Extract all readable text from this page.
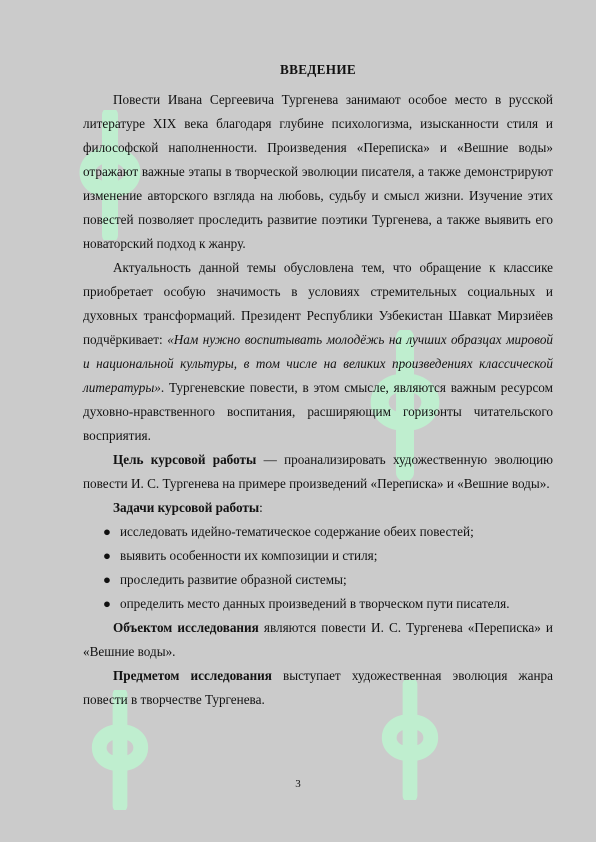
ВВЕДЕНИЕ

Повести Ивана Сергеевича Тургенева занимают особое место в русской литературе XIX века благодаря глубине психологизма, изысканности стиля и философской наполненности. Произведения «Переписка» и «Вешние воды» отражают важные этапы в творческой эволюции писателя, а также демонстрируют изменение авторского взгляда на любовь, судьбу и смысл жизни. Изучение этих повестей позволяет проследить развитие поэтики Тургенева, а также выявить его новаторский подход к жанру.

Актуальность данной темы обусловлена тем, что обращение к классике приобретает особую значимость в условиях стремительных социальных и духовных трансформаций. Президент Республики Узбекистан Шавкат Мирзиёев подчёркивает: «Нам нужно воспитывать молодёжь на лучших образцах мировой и национальной культуры, в том числе на великих произведениях классической литературы». Тургеневские повести, в этом смысле, являются важным ресурсом духовно-нравственного воспитания, расширяющим горизонты читательского восприятия.

Цель курсовой работы — проанализировать художественную эволюцию повести И. С. Тургенева на примере произведений «Переписка» и «Вешние воды».

Задачи курсовой работы:

● исследовать идейно-тематическое содержание обеих повестей;
● выявить особенности их композиции и стиля;
● проследить развитие образной системы;
● определить место данных произведений в творческом пути писателя.

Объектом исследования являются повести И. С. Тургенева «Переписка» и «Вешние воды».

Предметом исследования выступает художественная эволюция жанра повести в творчестве Тургенева.

3
